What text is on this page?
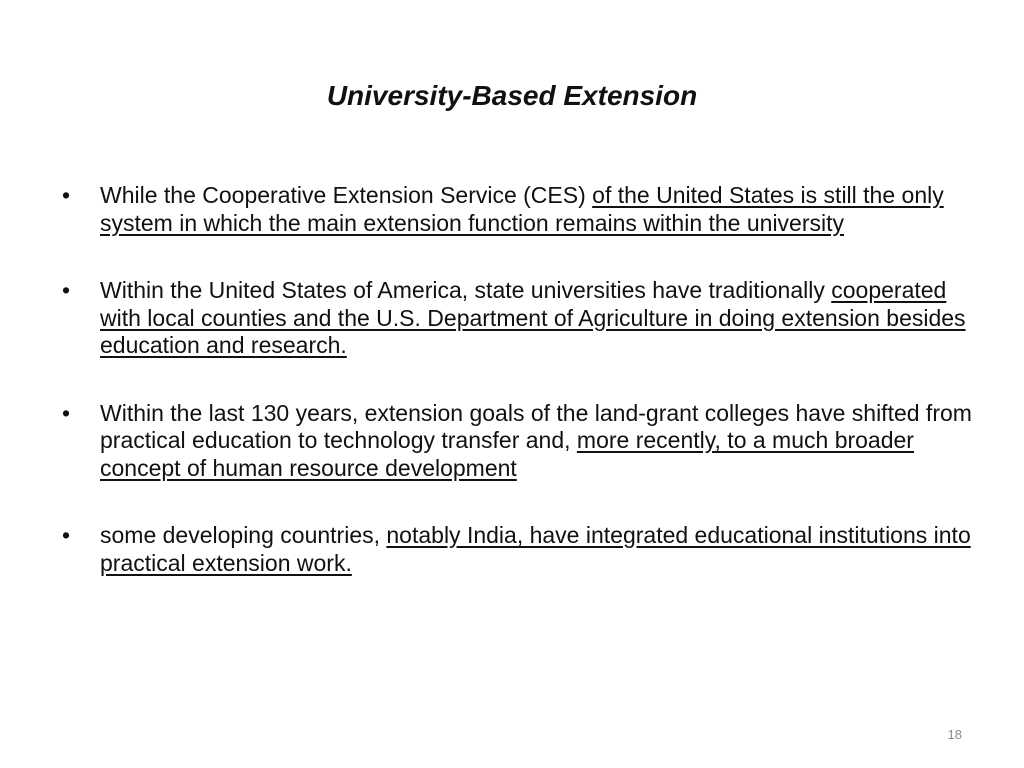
University-Based Extension
• While the Cooperative Extension Service (CES) of the United States is still the only system in which the main extension function remains within the university
• Within the United States of America, state universities have traditionally cooperated with local counties and the U.S. Department of Agriculture in doing extension besides education and research.
• Within the last 130 years, extension goals of the land-grant colleges have shifted from practical education to technology transfer and, more recently, to a much broader concept of human resource development
• some developing countries, notably India, have integrated educational institutions into practical extension work.
18
